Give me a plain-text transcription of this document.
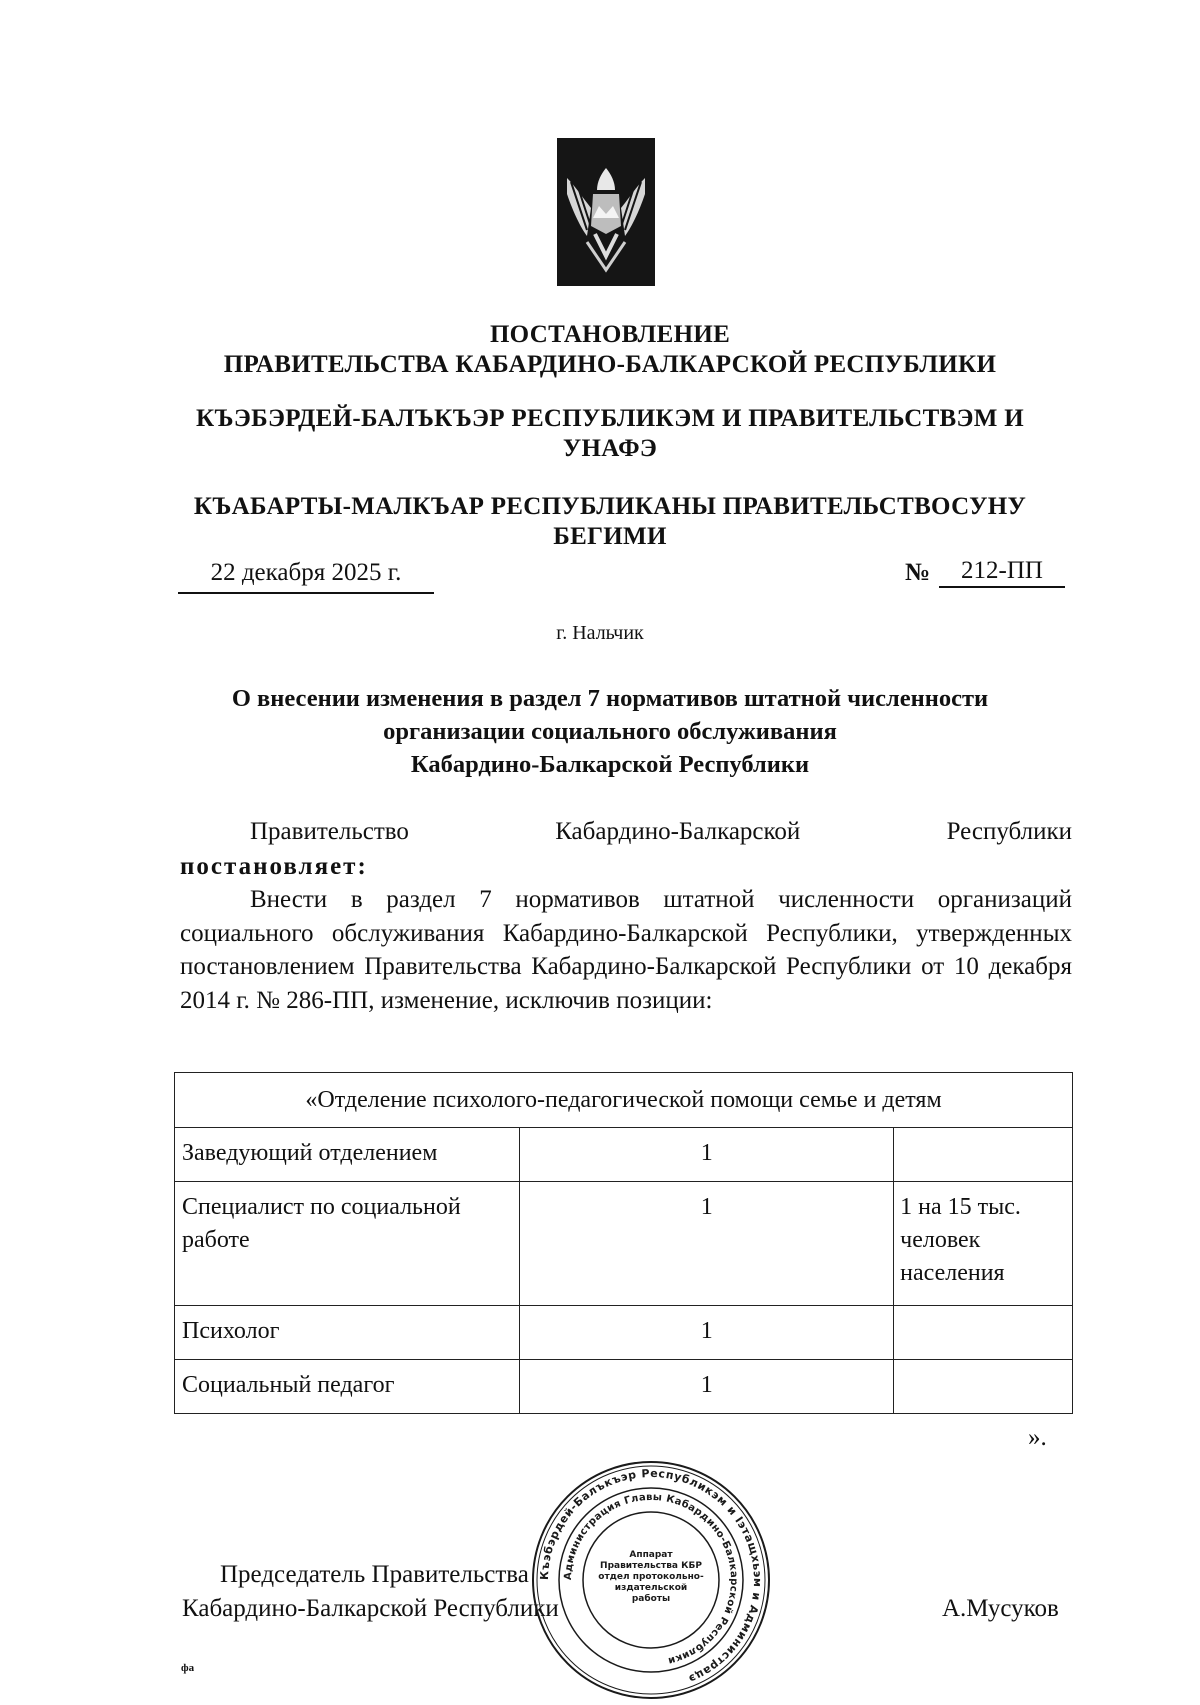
ПОСТАНОВЛЕНИЕ
ПРАВИТЕЛЬСТВА КАБАРДИНО-БАЛКАРСКОЙ РЕСПУБЛИКИ
КЪЭБЭРДЕЙ-БАЛЪКЪЭР РЕСПУБЛИКЭМ И ПРАВИТЕЛЬСТВЭМ И
УНАФЭ
КЪАБАРТЫ-МАЛКЪАР РЕСПУБЛИКАНЫ ПРАВИТЕЛЬСТВОСУНУ
БЕГИМИ
22 декабря 2025 г.	№	212-ПП
г. Нальчик
О внесении изменения в раздел 7 нормативов штатной численности
организации социального обслуживания
Кабардино-Балкарской Республики
Правительство	Кабардино-Балкарской	Республики
постановляет:
Внести в раздел 7 нормативов штатной численности организаций социального обслуживания Кабардино-Балкарской Республики, утвержденных постановлением Правительства Кабардино-Балкарской Республики от 10 декабря 2014 г. № 286-ПП, изменение, исключив позиции:
«Отделение психолого-педагогической помощи семье и детям		
Заведующий отделением	1	
Специалист по социальной работе	1	1 на 15 тыс. человек населения
Психолог	1	
Социальный педагог	1	
».
Председатель Правительства
Кабардино-Балкарской Республики	А.Мусуков
Къэбэрдей-Балъкъэр Республикэм и Iэтащхьэм и Администрацэ
Администрация Главы Кабардино-Балкарской Республики
Аппарат Правительства КБР отдел протокольно-издательской работы
фа
